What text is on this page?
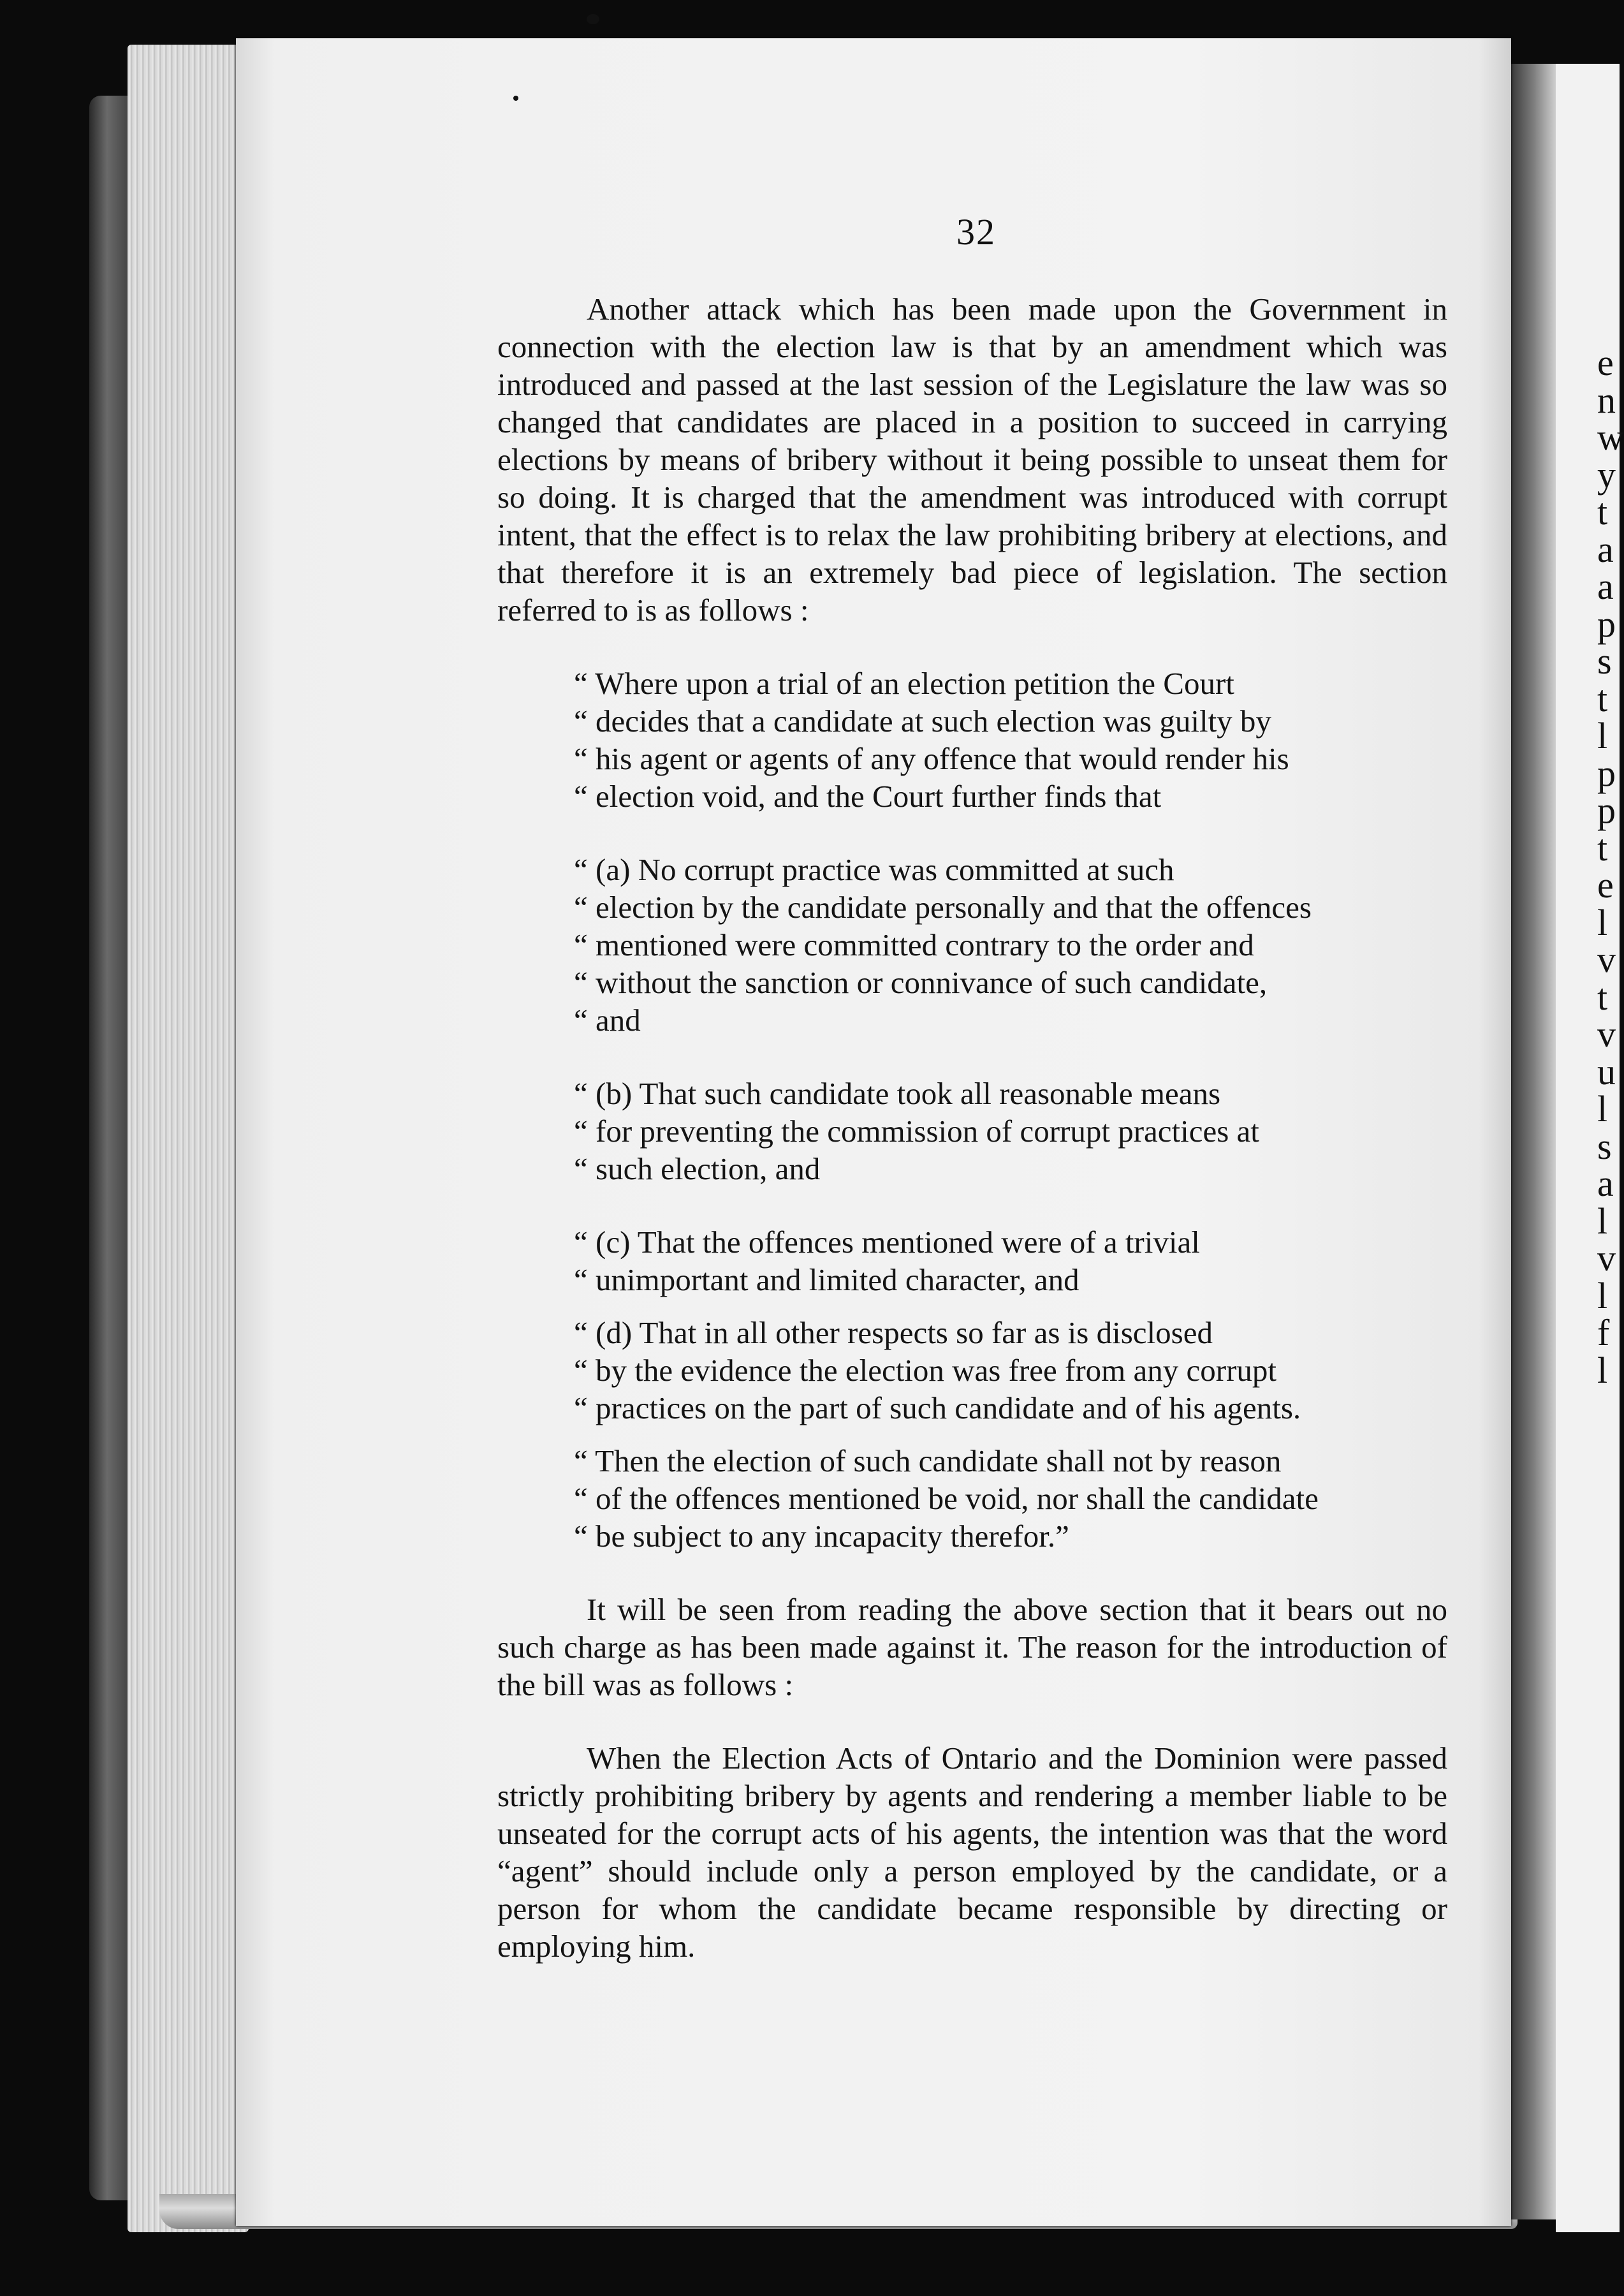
32

Another attack which has been made upon the Government in connection with the election law is that by an amendment which was introduced and passed at the last session of the Legislature the law was so changed that candidates are placed in a position to succeed in carrying elections by means of bribery without it being possible to unseat them for so doing. It is charged that the amendment was introduced with corrupt intent, that the effect is to relax the law prohibiting bribery at elections, and that therefore it is an extremely bad piece of legislation. The section referred to is as follows :

“ Where upon a trial of an election petition the Court
“ decides that a candidate at such election was guilty by
“ his agent or agents of any offence that would render his
“ election void, and the Court further finds that
“ (a) No corrupt practice was committed at such
“ election by the candidate personally and that the offences
“ mentioned were committed contrary to the order and
“ without the sanction or connivance of such candidate,
“ and
“ (b) That such candidate took all reasonable means
“ for preventing the commission of corrupt practices at
“ such election, and
“ (c) That the offences mentioned were of a trivial
“ unimportant and limited character, and
“ (d) That in all other respects so far as is disclosed
“ by the evidence the election was free from any corrupt
“ practices on the part of such candidate and of his agents.
“ Then the election of such candidate shall not by reason
“ of the offences mentioned be void, nor shall the candidate
“ be subject to any incapacity therefor.”

It will be seen from reading the above section that it bears out no such charge as has been made against it. The reason for the introduction of the bill was as follows :

When the Election Acts of Ontario and the Dominion were passed strictly prohibiting bribery by agents and rendering a member liable to be unseated for the corrupt acts of his agents, the intention was that the word “agent” should include only a person employed by the candidate, or a person for whom the candidate became responsible by directing or employing him.

e
n
w
y
t
a
a
p
s
t
l
p
p
t
e
l
v
t
v
u
l
s
a
l
v
l
f
l
